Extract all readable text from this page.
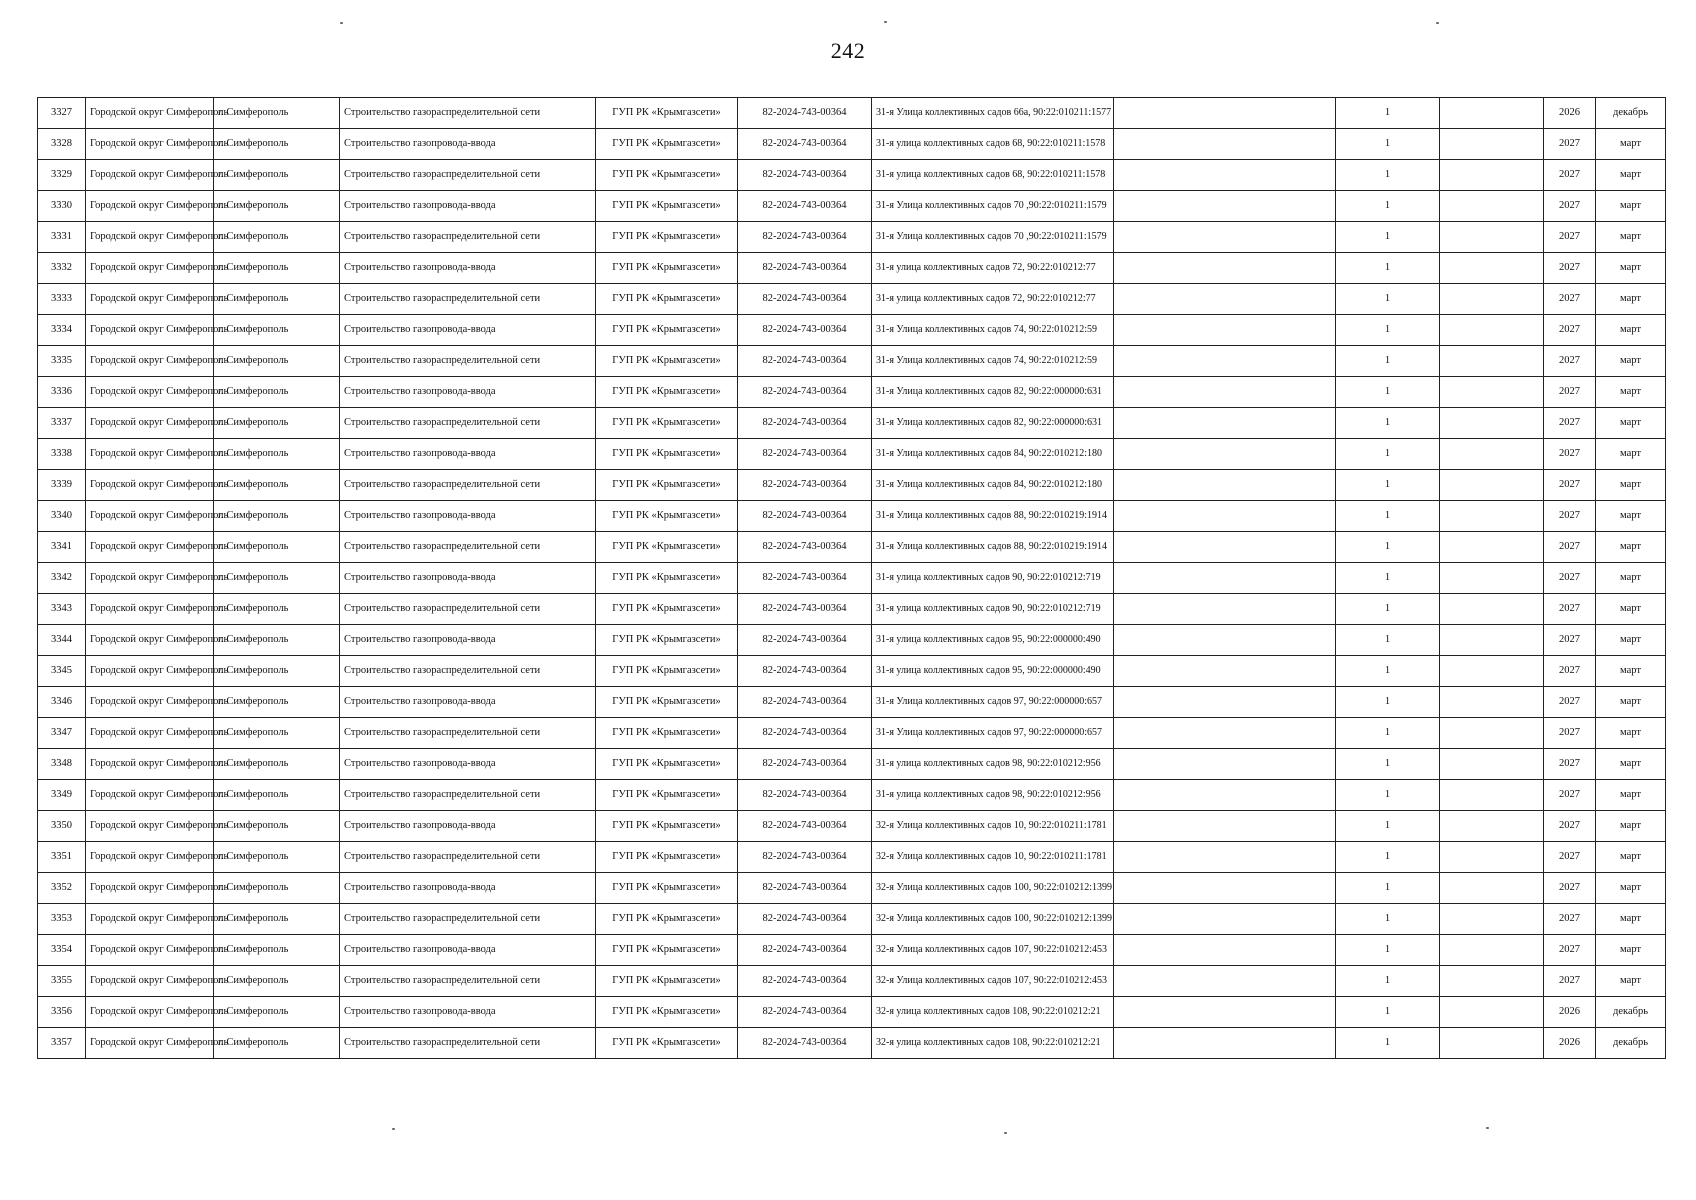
242
3327	Городской округ Симферополь	г. Симферополь	Строительство газораспределительной сети	ГУП РК «Крымгазсети»	82-2024-743-00364	31-я Улица коллективных садов 66а, 90:22:010211:1577		1		2026	декабрь
3328	Городской округ Симферополь	г. Симферополь	Строительство газопровода-ввода	ГУП РК «Крымгазсети»	82-2024-743-00364	31-я улица коллективных садов 68, 90:22:010211:1578		1		2027	март
3329	Городской округ Симферополь	г. Симферополь	Строительство газораспределительной сети	ГУП РК «Крымгазсети»	82-2024-743-00364	31-я улица коллективных садов 68, 90:22:010211:1578		1		2027	март
3330	Городской округ Симферополь	г. Симферополь	Строительство газопровода-ввода	ГУП РК «Крымгазсети»	82-2024-743-00364	31-я Улица коллективных садов 70 ,90:22:010211:1579		1		2027	март
3331	Городской округ Симферополь	г. Симферополь	Строительство газораспределительной сети	ГУП РК «Крымгазсети»	82-2024-743-00364	31-я Улица коллективных садов 70 ,90:22:010211:1579		1		2027	март
3332	Городской округ Симферополь	г. Симферополь	Строительство газопровода-ввода	ГУП РК «Крымгазсети»	82-2024-743-00364	31-я улица коллективных садов 72, 90:22:010212:77		1		2027	март
3333	Городской округ Симферополь	г. Симферополь	Строительство газораспределительной сети	ГУП РК «Крымгазсети»	82-2024-743-00364	31-я улица коллективных садов 72, 90:22:010212:77		1		2027	март
3334	Городской округ Симферополь	г. Симферополь	Строительство газопровода-ввода	ГУП РК «Крымгазсети»	82-2024-743-00364	31-я Улица коллективных садов 74, 90:22:010212:59		1		2027	март
3335	Городской округ Симферополь	г. Симферополь	Строительство газораспределительной сети	ГУП РК «Крымгазсети»	82-2024-743-00364	31-я Улица коллективных садов 74, 90:22:010212:59		1		2027	март
3336	Городской округ Симферополь	г. Симферополь	Строительство газопровода-ввода	ГУП РК «Крымгазсети»	82-2024-743-00364	31-я Улица коллективных садов 82, 90:22:000000:631		1		2027	март
3337	Городской округ Симферополь	г. Симферополь	Строительство газораспределительной сети	ГУП РК «Крымгазсети»	82-2024-743-00364	31-я Улица коллективных садов 82, 90:22:000000:631		1		2027	март
3338	Городской округ Симферополь	г. Симферополь	Строительство газопровода-ввода	ГУП РК «Крымгазсети»	82-2024-743-00364	31-я Улица коллективных садов 84, 90:22:010212:180		1		2027	март
3339	Городской округ Симферополь	г. Симферополь	Строительство газораспределительной сети	ГУП РК «Крымгазсети»	82-2024-743-00364	31-я Улица коллективных садов 84, 90:22:010212:180		1		2027	март
3340	Городской округ Симферополь	г. Симферополь	Строительство газопровода-ввода	ГУП РК «Крымгазсети»	82-2024-743-00364	31-я Улица коллективных садов 88, 90:22:010219:1914		1		2027	март
3341	Городской округ Симферополь	г. Симферополь	Строительство газораспределительной сети	ГУП РК «Крымгазсети»	82-2024-743-00364	31-я Улица коллективных садов 88, 90:22:010219:1914		1		2027	март
3342	Городской округ Симферополь	г. Симферополь	Строительство газопровода-ввода	ГУП РК «Крымгазсети»	82-2024-743-00364	31-я улица коллективных садов 90, 90:22:010212:719		1		2027	март
3343	Городской округ Симферополь	г. Симферополь	Строительство газораспределительной сети	ГУП РК «Крымгазсети»	82-2024-743-00364	31-я улица коллективных садов 90, 90:22:010212:719		1		2027	март
3344	Городской округ Симферополь	г. Симферополь	Строительство газопровода-ввода	ГУП РК «Крымгазсети»	82-2024-743-00364	31-я улица коллективных садов 95, 90:22:000000:490		1		2027	март
3345	Городской округ Симферополь	г. Симферополь	Строительство газораспределительной сети	ГУП РК «Крымгазсети»	82-2024-743-00364	31-я улица коллективных садов 95, 90:22:000000:490		1		2027	март
3346	Городской округ Симферополь	г. Симферополь	Строительство газопровода-ввода	ГУП РК «Крымгазсети»	82-2024-743-00364	31-я Улица коллективных садов 97, 90:22:000000:657		1		2027	март
3347	Городской округ Симферополь	г. Симферополь	Строительство газораспределительной сети	ГУП РК «Крымгазсети»	82-2024-743-00364	31-я Улица коллективных садов 97, 90:22:000000:657		1		2027	март
3348	Городской округ Симферополь	г. Симферополь	Строительство газопровода-ввода	ГУП РК «Крымгазсети»	82-2024-743-00364	31-я улица коллективных садов 98, 90:22:010212:956		1		2027	март
3349	Городской округ Симферополь	г. Симферополь	Строительство газораспределительной сети	ГУП РК «Крымгазсети»	82-2024-743-00364	31-я улица коллективных садов 98, 90:22:010212:956		1		2027	март
3350	Городской округ Симферополь	г. Симферополь	Строительство газопровода-ввода	ГУП РК «Крымгазсети»	82-2024-743-00364	32-я Улица коллективных садов 10, 90:22:010211:1781		1		2027	март
3351	Городской округ Симферополь	г. Симферополь	Строительство газораспределительной сети	ГУП РК «Крымгазсети»	82-2024-743-00364	32-я Улица коллективных садов 10, 90:22:010211:1781		1		2027	март
3352	Городской округ Симферополь	г. Симферополь	Строительство газопровода-ввода	ГУП РК «Крымгазсети»	82-2024-743-00364	32-я Улица коллективных садов 100, 90:22:010212:1399		1		2027	март
3353	Городской округ Симферополь	г. Симферополь	Строительство газораспределительной сети	ГУП РК «Крымгазсети»	82-2024-743-00364	32-я Улица коллективных садов 100, 90:22:010212:1399		1		2027	март
3354	Городской округ Симферополь	г. Симферополь	Строительство газопровода-ввода	ГУП РК «Крымгазсети»	82-2024-743-00364	32-я Улица коллективных садов 107, 90:22:010212:453		1		2027	март
3355	Городской округ Симферополь	г. Симферополь	Строительство газораспределительной сети	ГУП РК «Крымгазсети»	82-2024-743-00364	32-я Улица коллективных садов 107, 90:22:010212:453		1		2027	март
3356	Городской округ Симферополь	г. Симферополь	Строительство газопровода-ввода	ГУП РК «Крымгазсети»	82-2024-743-00364	32-я улица коллективных садов 108, 90:22:010212:21		1		2026	декабрь
3357	Городской округ Симферополь	г. Симферополь	Строительство газораспределительной сети	ГУП РК «Крымгазсети»	82-2024-743-00364	32-я улица коллективных садов 108, 90:22:010212:21		1		2026	декабрь
